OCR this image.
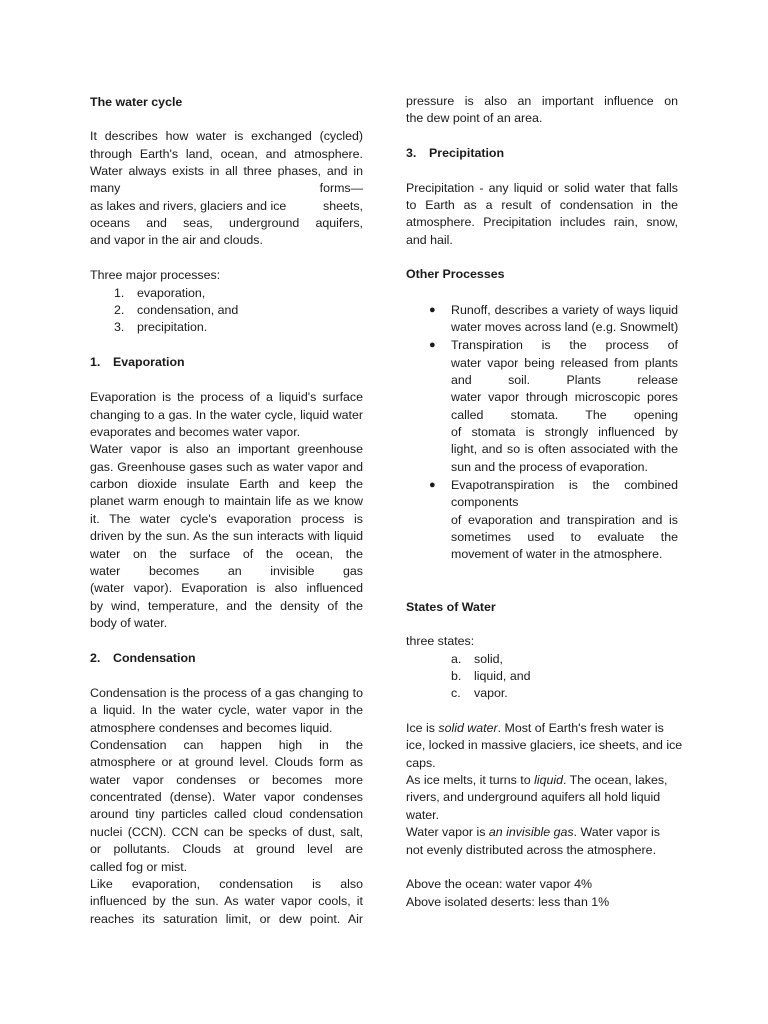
The water cycle
It describes how water is exchanged (cycled)
through Earth's land, ocean, and atmosphere.
Water always exists in all three phases, and in
many	forms—
as lakes and rivers, glaciers and ice	sheets,
oceans and seas, underground aquifers,
and vapor in the air and clouds.
Three major processes:
1. evaporation,
2. condensation, and
3. precipitation.
1. Evaporation
Evaporation is the process of a liquid's surface
changing to a gas. In the water cycle, liquid water
evaporates and becomes water vapor.
Water vapor is also an important greenhouse
gas. Greenhouse gases such as water vapor and
carbon dioxide insulate Earth and keep the
planet warm enough to maintain life as we know
it. The water cycle's evaporation process is
driven by the sun. As the sun interacts with liquid
water on the surface of the ocean, the
water becomes an invisible gas
(water vapor). Evaporation is also influenced
by wind, temperature, and the density of the
body of water.
2. Condensation
Condensation is the process of a gas changing to
a liquid. In the water cycle, water vapor in the
atmosphere condenses and becomes liquid.
Condensation can happen high in the
atmosphere or at ground level. Clouds form as
water vapor condenses or becomes more
concentrated (dense). Water vapor condenses
around tiny particles called cloud condensation
nuclei (CCN). CCN can be specks of dust, salt,
or pollutants. Clouds at ground level are
called fog or mist.
Like evaporation, condensation is also
influenced by the sun. As water vapor cools, it
reaches its saturation limit, or dew point. Air
pressure is also an important influence on
the dew point of an area.
3. Precipitation
Precipitation - any liquid or solid water that falls
to Earth as a result of condensation in the
atmosphere. Precipitation includes rain, snow,
and hail.
Other Processes
● Runoff, describes a variety of ways liquid
water moves across land (e.g. Snowmelt)
● Transpiration is the process of
water vapor being released from plants
and soil. Plants release
water vapor through microscopic pores
called stomata. The opening
of stomata is strongly influenced by
light, and so is often associated with the
sun and the process of evaporation.
● Evapotranspiration is the combined
components
of evaporation and transpiration and is
sometimes used to evaluate the
movement of water in the atmosphere.
States of Water
three states:
a. solid,
b. liquid, and
c. vapor.
Ice is solid water. Most of Earth's fresh water is
ice, locked in massive glaciers, ice sheets, and ice
caps.
As ice melts, it turns to liquid. The ocean, lakes,
rivers, and underground aquifers all hold liquid
water.
Water vapor is an invisible gas. Water vapor is
not evenly distributed across the atmosphere.
Above the ocean: water vapor 4%
Above isolated deserts: less than 1%
